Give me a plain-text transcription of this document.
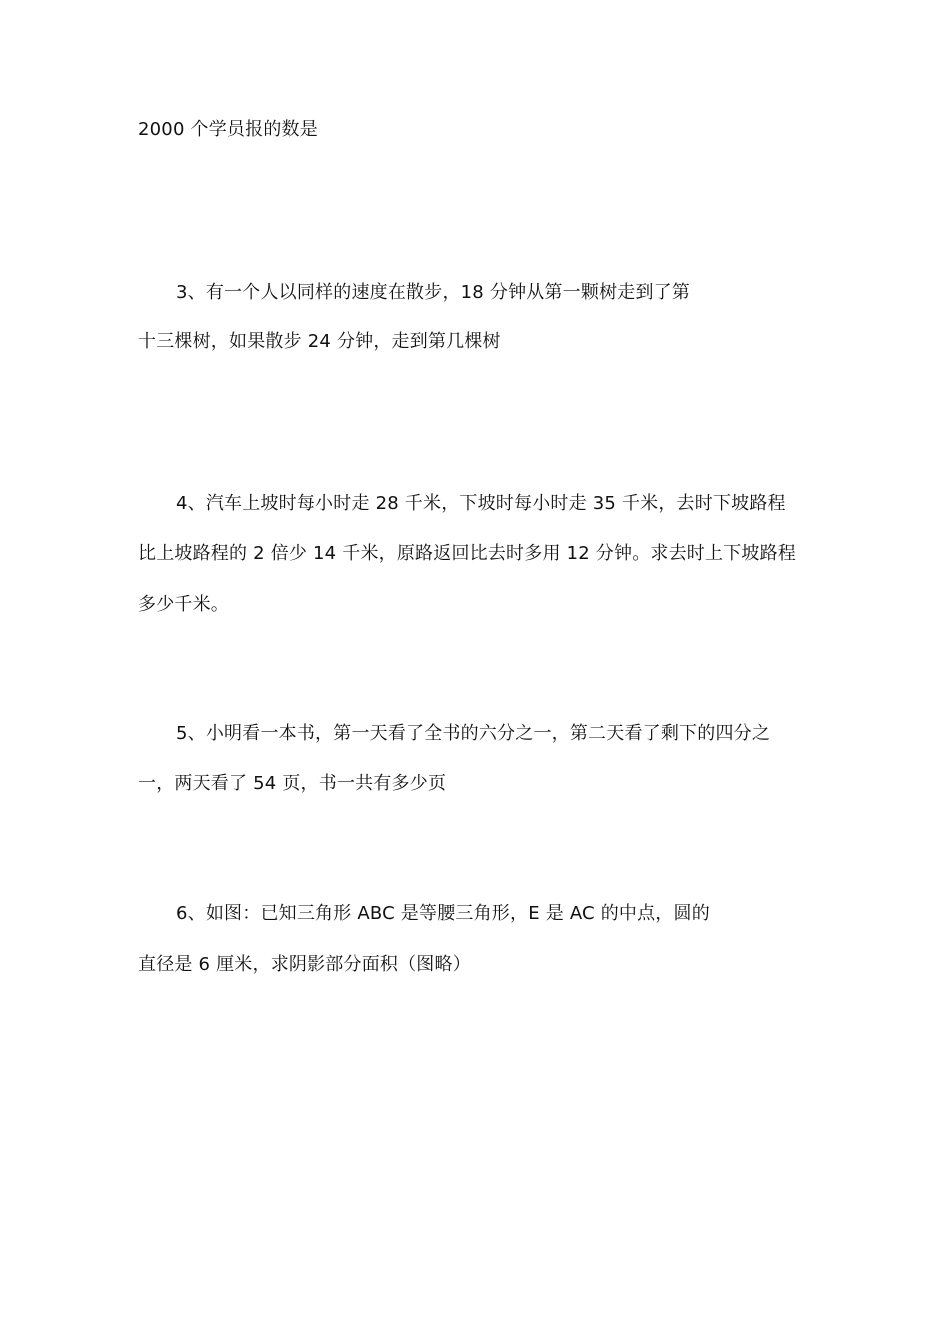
2000 个学员报的数是
3、有一个人以同样的速度在散步，18 分钟从第一颗树走到了第
十三棵树，如果散步 24 分钟，走到第几棵树
4、汽车上坡时每小时走 28 千米，下坡时每小时走 35 千米，去时下坡路程
比上坡路程的 2 倍少 14 千米，原路返回比去时多用 12 分钟。求去时上下坡路程
多少千米。
5、小明看一本书，第一天看了全书的六分之一，第二天看了剩下的四分之
一，两天看了 54 页，书一共有多少页
6、如图：已知三角形 ABC 是等腰三角形，E 是 AC 的中点，圆的
直径是 6 厘米，求阴影部分面积（图略）
